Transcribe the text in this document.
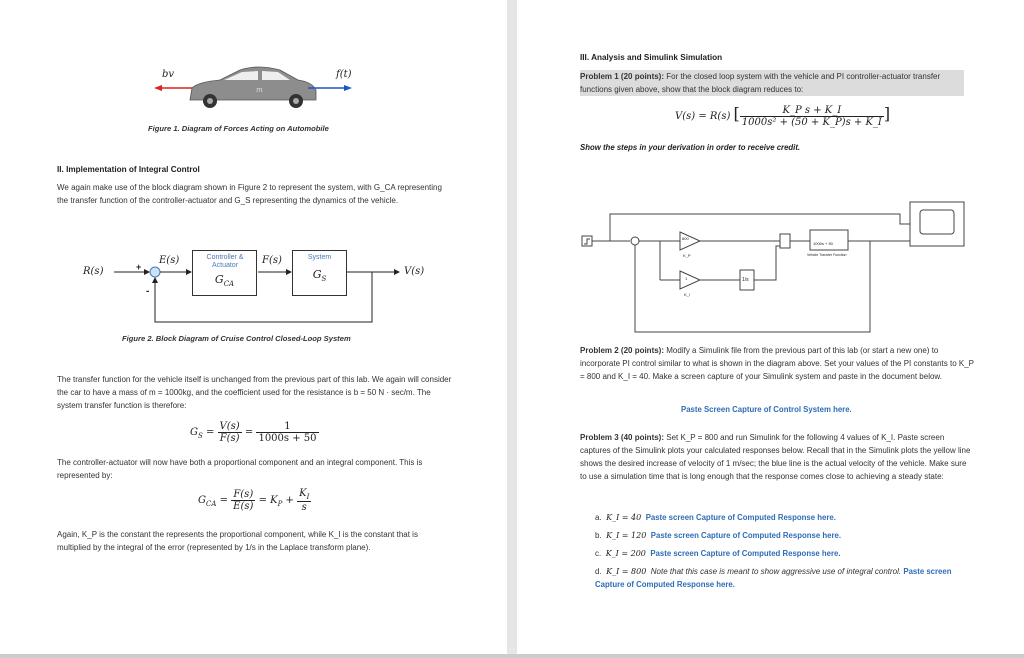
bv	f(t)
m
Figure 1. Diagram of Forces Acting on Automobile
II. Implementation of Integral Control
We again make use of the block diagram shown in Figure 2 to represent the system, with G_CA representing the transfer function of the controller-actuator and G_S representing the dynamics of the vehicle.
R(s)	+
-
E(s)	Controller & Actuator
$G_{CA}$
F(s)	System
$G_S$
V(s)
Figure 2. Block Diagram of Cruise Control Closed-Loop System
The transfer function for the vehicle itself is unchanged from the previous part of this lab. We again will consider the car to have a mass of m = 1000kg, and the coefficient used for the resistance is b = 50 N · sec/m. The system transfer function is therefore:
$G_S = \frac{V(s)}{F(s)} = \frac{1}{1000s + 50}$
The controller-actuator will now have both a proportional component and an integral component. This is represented by:
$G_{CA} = \frac{F(s)}{E(s)} = K_P + \frac{K_I}{s}$
Again, K_P is the constant the represents the proportional component, while K_I is the constant that is multiplied by the integral of the error (represented by 1/s in the Laplace transform plane).
III. Analysis and Simulink Simulation
Problem 1 (20 points): For the closed loop system with the vehicle and PI controller-actuator transfer functions given above, show that the block diagram reduces to:
V(s) = R(s) [ $\frac{\text{K\_P s + K\_I}}{\text{1000s² + (50 + K\_P)s + K\_I}}$ ]
Show the steps in your derivation in order to receive credit.
800
K_P
1
K_I
1/s
1000s + 50
Vehicle Transfer Function
Problem 2 (20 points): Modify a Simulink file from the previous part of this lab (or start a new one) to incorporate PI control similar to what is shown in the diagram above. Set your values of the PI constants to K_P = 800 and K_I = 40. Make a screen capture of your Simulink system and paste in the document below.
Paste Screen Capture of Control System here.
Problem 3 (40 points): Set K_P = 800 and run Simulink for the following 4 values of K_I. Paste screen captures of the Simulink plots your calculated responses below. Recall that in the Simulink plots the yellow line shows the desired increase of velocity of 1 m/sec; the blue line is the actual velocity of the vehicle. Make sure to use a simulation time that is long enough that the response comes close to achieving a steady state:
a. K_I = 40 Paste screen Capture of Computed Response here.
b. K_I = 120 Paste screen Capture of Computed Response here.
c. K_I = 200 Paste screen Capture of Computed Response here.
d. K_I = 800 Note that this case is meant to show aggressive use of integral control. Paste screen Capture of Computed Response here.
